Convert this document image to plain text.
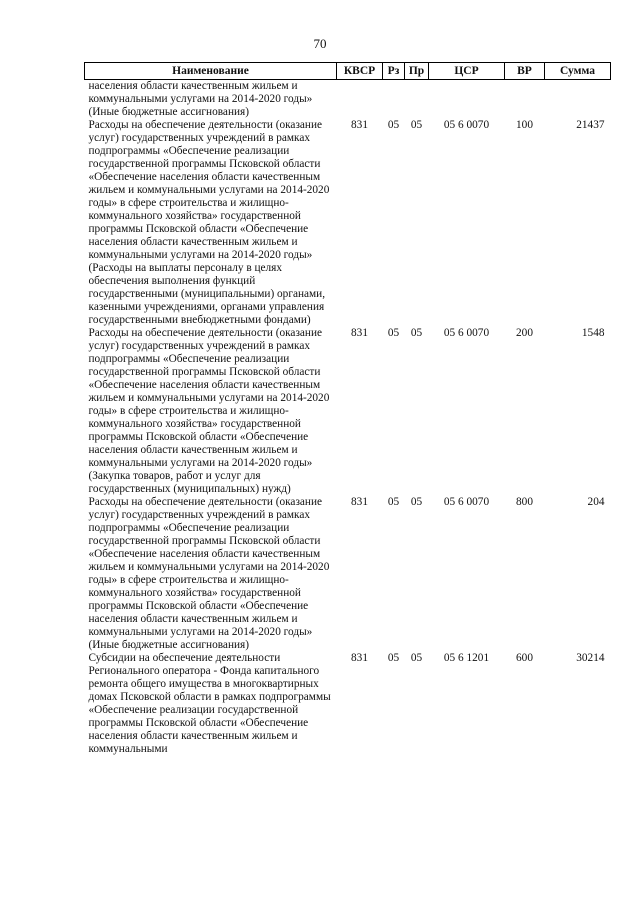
70
Наименование	КВСР	Рз	Пр	ЦСР	ВР	Сумма
населения области качественным жильем и коммунальными услугами на 2014-2020 годы» (Иные бюджетные ассигнования)						
Расходы на обеспечение деятельности (оказание услуг) государственных учреждений в рамках подпрограммы «Обеспечение реализации государственной программы Псковской области «Обеспечение населения области качественным жильем и коммунальными услугами на 2014-2020 годы» в сфере строительства и жилищно-коммунального хозяйства» государственной программы Псковской области «Обеспечение населения области качественным жильем и коммунальными услугами на 2014-2020 годы» (Расходы на выплаты персоналу в целях обеспечения выполнения функций государственными (муниципальными) органами, казенными учреждениями, органами управления государственными внебюджетными фондами)	831	05	05	05 6 0070	100	21437
Расходы на обеспечение деятельности (оказание услуг) государственных учреждений в рамках подпрограммы «Обеспечение реализации государственной программы Псковской области «Обеспечение населения области качественным жильем и коммунальными услугами на 2014-2020 годы» в сфере строительства и жилищно-коммунального хозяйства» государственной программы Псковской области «Обеспечение населения области качественным жильем и коммунальными услугами на 2014-2020 годы» (Закупка товаров, работ и услуг для государственных (муниципальных) нужд)	831	05	05	05 6 0070	200	1548
Расходы на обеспечение деятельности (оказание услуг) государственных учреждений в рамках подпрограммы «Обеспечение реализации государственной программы Псковской области «Обеспечение населения области качественным жильем и коммунальными услугами на 2014-2020 годы» в сфере строительства и жилищно-коммунального хозяйства» государственной программы Псковской области «Обеспечение населения области качественным жильем и коммунальными услугами на 2014-2020 годы» (Иные бюджетные ассигнования)	831	05	05	05 6 0070	800	204
Субсидии на обеспечение деятельности Регионального оператора - Фонда капитального ремонта общего имущества в многоквартирных домах Псковской области в рамках подпрограммы «Обеспечение реализации государственной программы Псковской области «Обеспечение населения области качественным жильем и коммунальными	831	05	05	05 6 1201	600	30214
